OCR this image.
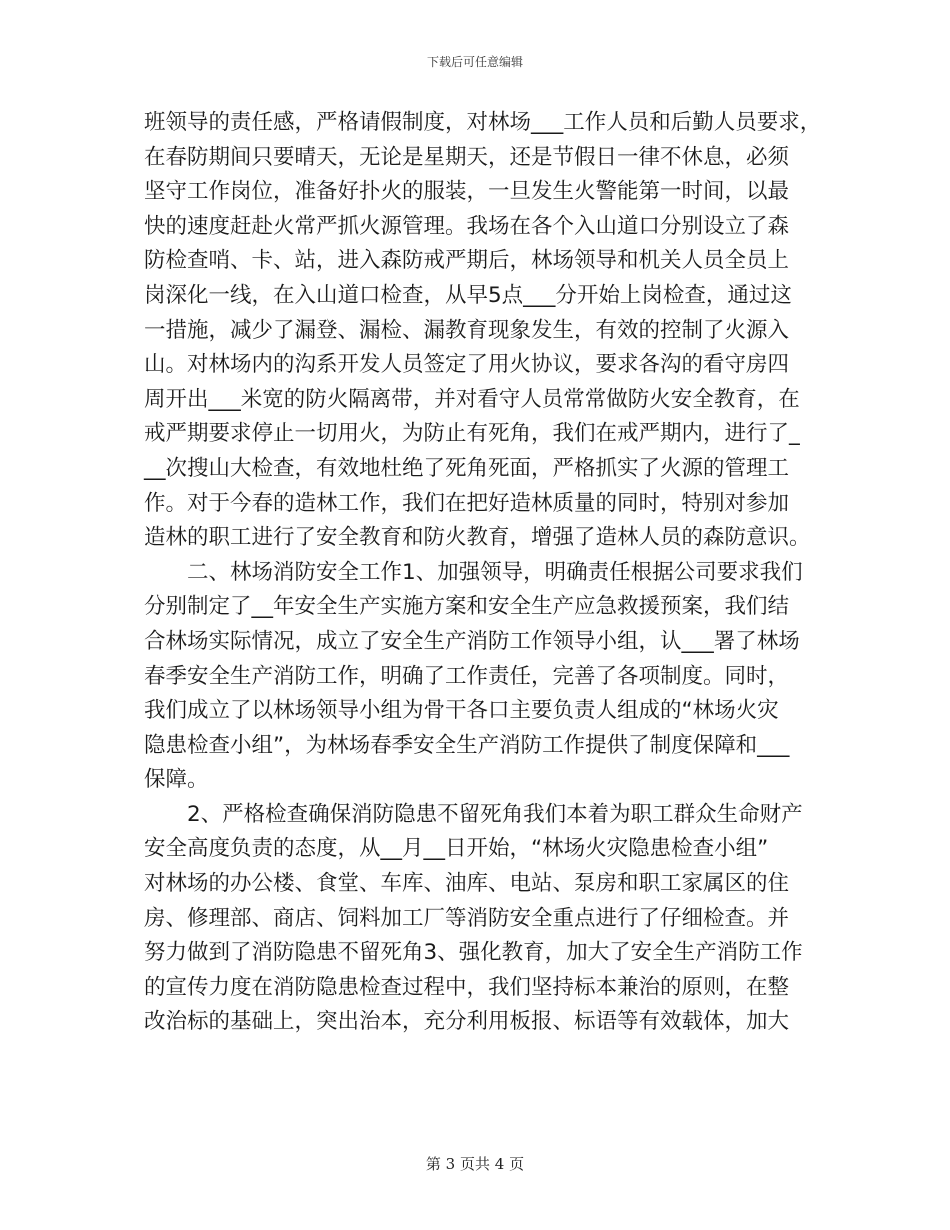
下载后可任意编辑
班领导的责任感，严格请假制度，对林场___工作人员和后勤人员要求，
在春防期间只要晴天，无论是星期天，还是节假日一律不休息，必须
坚守工作岗位，准备好扑火的服装，一旦发生火警能第一时间，以最
快的速度赶赴火常严抓火源管理。我场在各个入山道口分别设立了森
防检查哨、卡、站，进入森防戒严期后，林场领导和机关人员全员上
岗深化一线，在入山道口检查，从早5点___分开始上岗检查，通过这
一措施，减少了漏登、漏检、漏教育现象发生，有效的控制了火源入
山。对林场内的沟系开发人员签定了用火协议，要求各沟的看守房四
周开出___米宽的防火隔离带，并对看守人员常常做防火安全教育，在
戒严期要求停止一切用火，为防止有死角，我们在戒严期内，进行了_
__次搜山大检查，有效地杜绝了死角死面，严格抓实了火源的管理工
作。对于今春的造林工作，我们在把好造林质量的同时，特别对参加
造林的职工进行了安全教育和防火教育，增强了造林人员的森防意识。
　　二、林场消防安全工作1、加强领导，明确责任根据公司要求我们
分别制定了__年安全生产实施方案和安全生产应急救援预案，我们结
合林场实际情况，成立了安全生产消防工作领导小组，认___署了林场
春季安全生产消防工作，明确了工作责任，完善了各项制度。同时，
我们成立了以林场领导小组为骨干各口主要负责人组成的“林场火灾
隐患检查小组”，为林场春季安全生产消防工作提供了制度保障和___
保障。
　　2、严格检查确保消防隐患不留死角我们本着为职工群众生命财产
安全高度负责的态度，从__月__日开始，“林场火灾隐患检查小组”
对林场的办公楼、食堂、车库、油库、电站、泵房和职工家属区的住
房、修理部、商店、饲料加工厂等消防安全重点进行了仔细检查。并
努力做到了消防隐患不留死角3、强化教育，加大了安全生产消防工作
的宣传力度在消防隐患检查过程中，我们坚持标本兼治的原则，在整
改治标的基础上，突出治本，充分利用板报、标语等有效载体，加大
第 3 页共 4 页
